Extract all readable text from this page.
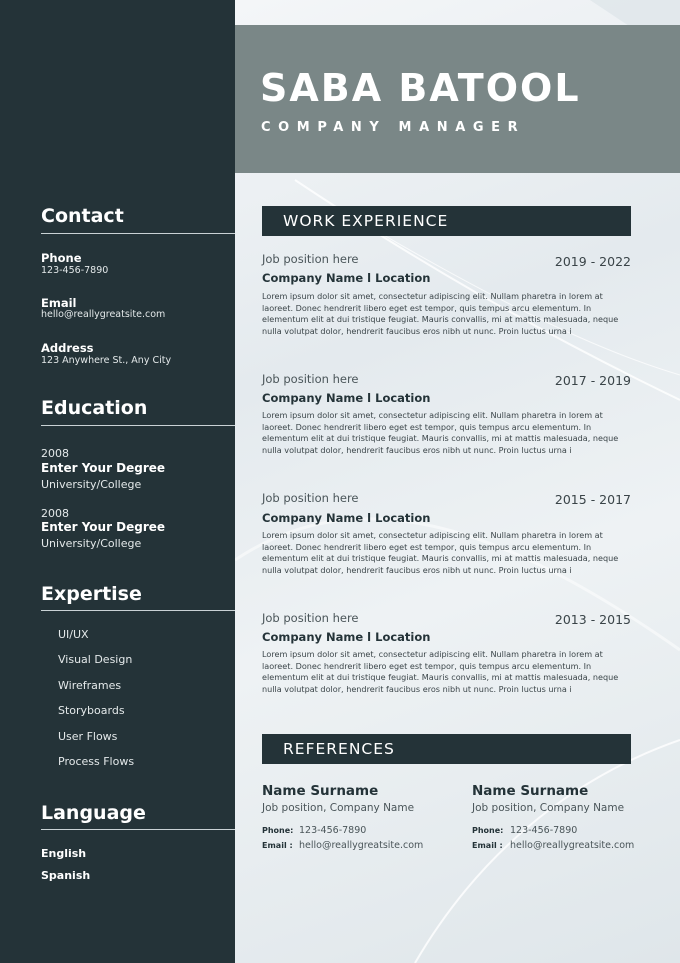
Contact
Phone
123-456-7890
Email
hello@reallygreatsite.com
Address
123 Anywhere St., Any City
Education
2008
Enter Your Degree
University/College
2008
Enter Your Degree
University/College
Expertise
UI/UX
Visual Design
Wireframes
Storyboards
User Flows
Process Flows
Language
English
Spanish
SABA BATOOL
COMPANY MANAGER
WORK EXPERIENCE
Job position here	2019 - 2022
Company Name l Location
Lorem ipsum dolor sit amet, consectetur adipiscing elit. Nullam pharetra in lorem at laoreet. Donec hendrerit libero eget est tempor, quis tempus arcu elementum. In elementum elit at dui tristique feugiat. Mauris convallis, mi at mattis malesuada, neque nulla volutpat dolor, hendrerit faucibus eros nibh ut nunc. Proin luctus urna i
Job position here	2017 - 2019
Company Name l Location
Lorem ipsum dolor sit amet, consectetur adipiscing elit. Nullam pharetra in lorem at laoreet. Donec hendrerit libero eget est tempor, quis tempus arcu elementum. In elementum elit at dui tristique feugiat. Mauris convallis, mi at mattis malesuada, neque nulla volutpat dolor, hendrerit faucibus eros nibh ut nunc. Proin luctus urna i
Job position here	2015 - 2017
Company Name l Location
Lorem ipsum dolor sit amet, consectetur adipiscing elit. Nullam pharetra in lorem at laoreet. Donec hendrerit libero eget est tempor, quis tempus arcu elementum. In elementum elit at dui tristique feugiat. Mauris convallis, mi at mattis malesuada, neque nulla volutpat dolor, hendrerit faucibus eros nibh ut nunc. Proin luctus urna i
Job position here	2013 - 2015
Company Name l Location
Lorem ipsum dolor sit amet, consectetur adipiscing elit. Nullam pharetra in lorem at laoreet. Donec hendrerit libero eget est tempor, quis tempus arcu elementum. In elementum elit at dui tristique feugiat. Mauris convallis, mi at mattis malesuada, neque nulla volutpat dolor, hendrerit faucibus eros nibh ut nunc. Proin luctus urna i
REFERENCES
Name Surname
Job position, Company Name
Phone: 123-456-7890
Email : hello@reallygreatsite.com
Name Surname
Job position, Company Name
Phone: 123-456-7890
Email : hello@reallygreatsite.com
